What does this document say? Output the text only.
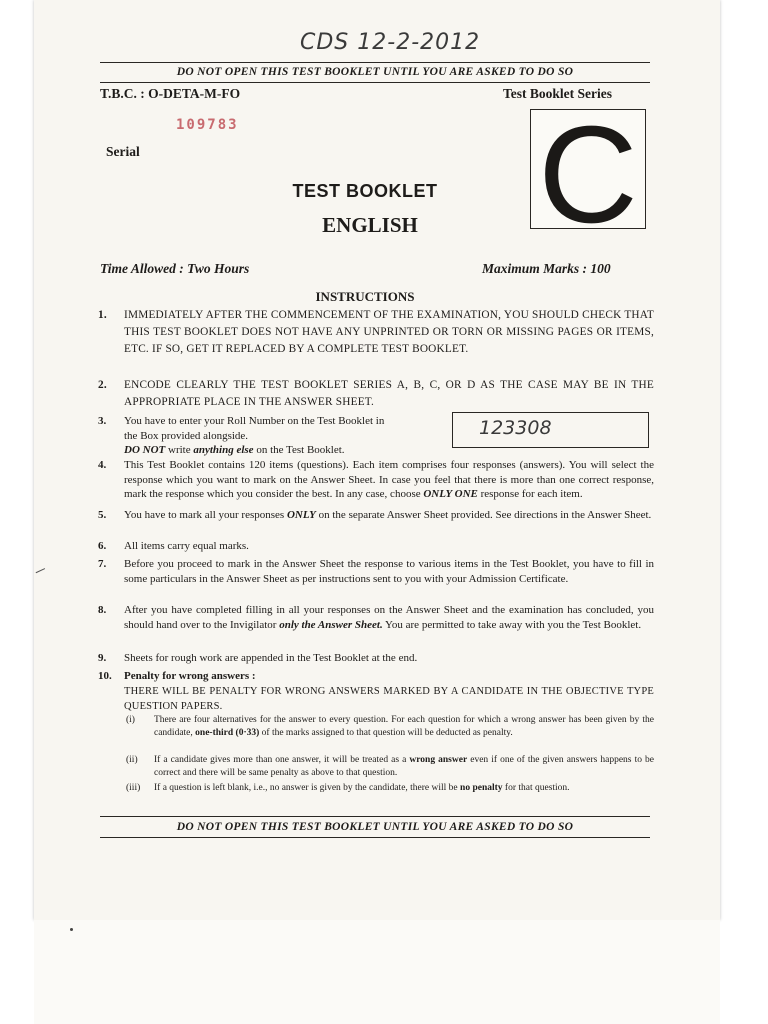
CDS 12-2-2012
DO NOT OPEN THIS TEST BOOKLET UNTIL YOU ARE ASKED TO DO SO
T.B.C. : O-DETA-M-FO	Test Booklet Series
109783
Serial	C
TEST BOOKLET
ENGLISH
Time Allowed : Two Hours	Maximum Marks : 100
INSTRUCTIONS
1.	IMMEDIATELY AFTER THE COMMENCEMENT OF THE EXAMINATION, YOU SHOULD CHECK THAT THIS TEST BOOKLET DOES NOT HAVE ANY UNPRINTED OR TORN OR MISSING PAGES OR ITEMS, ETC. IF SO, GET IT REPLACED BY A COMPLETE TEST BOOKLET.
2.	ENCODE CLEARLY THE TEST BOOKLET SERIES A, B, C, OR D AS THE CASE MAY BE IN THE APPROPRIATE PLACE IN THE ANSWER SHEET.
3.	You have to enter your Roll Number on the Test Booklet in the Box provided alongside.
DO NOT write anything else on the Test Booklet.
123308
4.	This Test Booklet contains 120 items (questions). Each item comprises four responses (answers). You will select the response which you want to mark on the Answer Sheet. In case you feel that there is more than one correct response, mark the response which you consider the best. In any case, choose ONLY ONE response for each item.
5.	You have to mark all your responses ONLY on the separate Answer Sheet provided. See directions in the Answer Sheet.
6.	All items carry equal marks.
7.	Before you proceed to mark in the Answer Sheet the response to various items in the Test Booklet, you have to fill in some particulars in the Answer Sheet as per instructions sent to you with your Admission Certificate.
8.	After you have completed filling in all your responses on the Answer Sheet and the examination has concluded, you should hand over to the Invigilator only the Answer Sheet. You are permitted to take away with you the Test Booklet.
9.	Sheets for rough work are appended in the Test Booklet at the end.
10.	Penalty for wrong answers :
THERE WILL BE PENALTY FOR WRONG ANSWERS MARKED BY A CANDIDATE IN THE OBJECTIVE TYPE QUESTION PAPERS.
(i)	There are four alternatives for the answer to every question. For each question for which a wrong answer has been given by the candidate, one-third (0·33) of the marks assigned to that question will be deducted as penalty.
(ii)	If a candidate gives more than one answer, it will be treated as a wrong answer even if one of the given answers happens to be correct and there will be same penalty as above to that question.
(iii)	If a question is left blank, i.e., no answer is given by the candidate, there will be no penalty for that question.
DO NOT OPEN THIS TEST BOOKLET UNTIL YOU ARE ASKED TO DO SO
